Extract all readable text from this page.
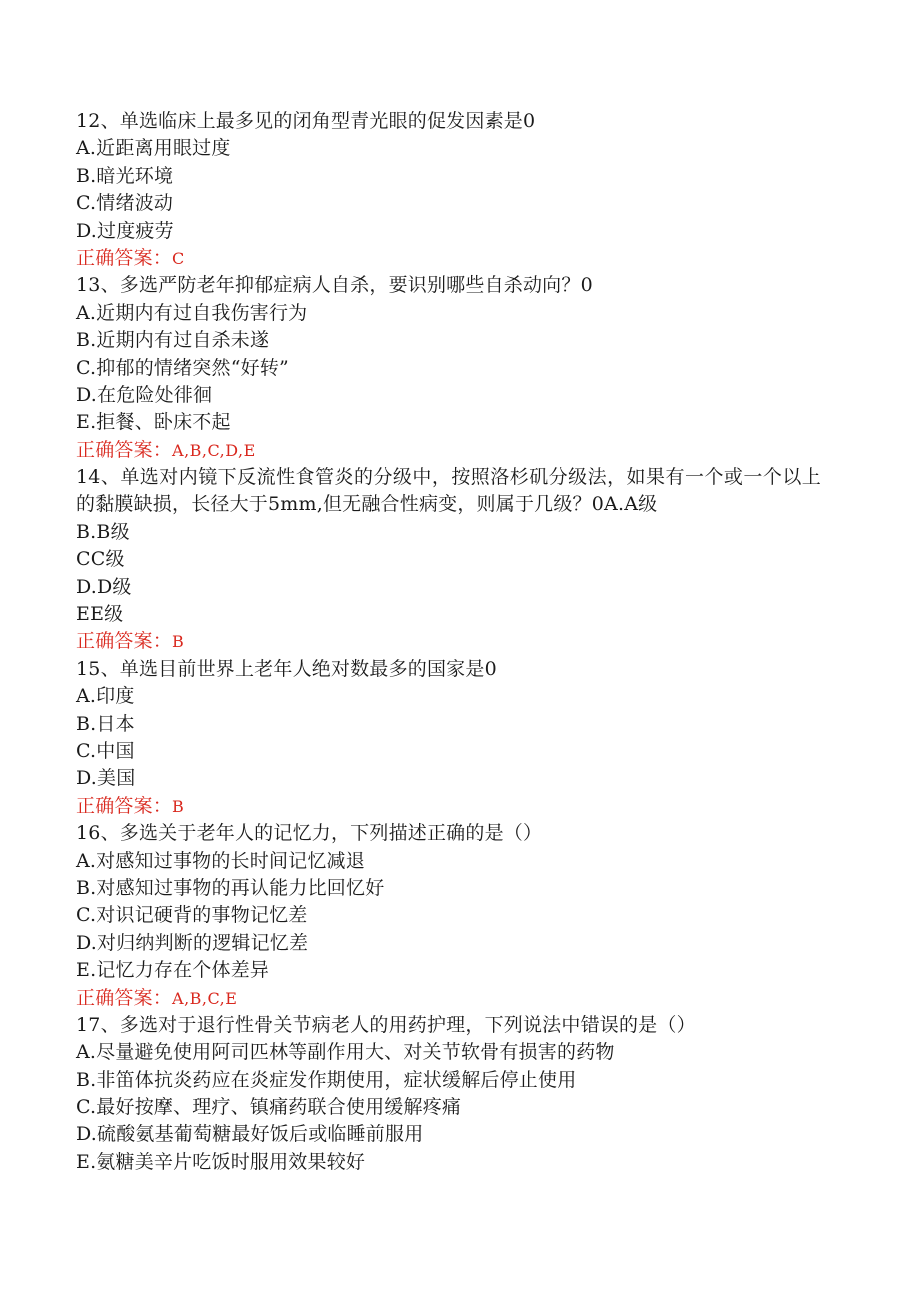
12、单选临床上最多见的闭角型青光眼的促发因素是0
A.近距离用眼过度
B.暗光环境
C.情绪波动
D.过度疲劳
正确答案：C
13、多选严防老年抑郁症病人自杀，要识别哪些自杀动向？0
A.近期内有过自我伤害行为
B.近期内有过自杀未遂
C.抑郁的情绪突然“好转”
D.在危险处徘徊
E.拒餐、卧床不起
正确答案：A,B,C,D,E
14、单选对内镜下反流性食管炎的分级中，按照洛杉矶分级法，如果有一个或一个以上的黏膜缺损，长径大于5mm,但无融合性病变，则属于几级？0A.A级
B.B级
CC级
D.D级
EE级
正确答案：B
15、单选目前世界上老年人绝对数最多的国家是0
A.印度
B.日本
C.中国
D.美国
正确答案：B
16、多选关于老年人的记忆力，下列描述正确的是（）
A.对感知过事物的长时间记忆减退
B.对感知过事物的再认能力比回忆好
C.对识记硬背的事物记忆差
D.对归纳判断的逻辑记忆差
E.记忆力存在个体差异
正确答案：A,B,C,E
17、多选对于退行性骨关节病老人的用药护理，下列说法中错误的是（）
A.尽量避免使用阿司匹林等副作用大、对关节软骨有损害的药物
B.非笛体抗炎药应在炎症发作期使用，症状缓解后停止使用
C.最好按摩、理疗、镇痛药联合使用缓解疼痛
D.硫酸氨基葡萄糖最好饭后或临睡前服用
E.氨糖美辛片吃饭时服用效果较好
